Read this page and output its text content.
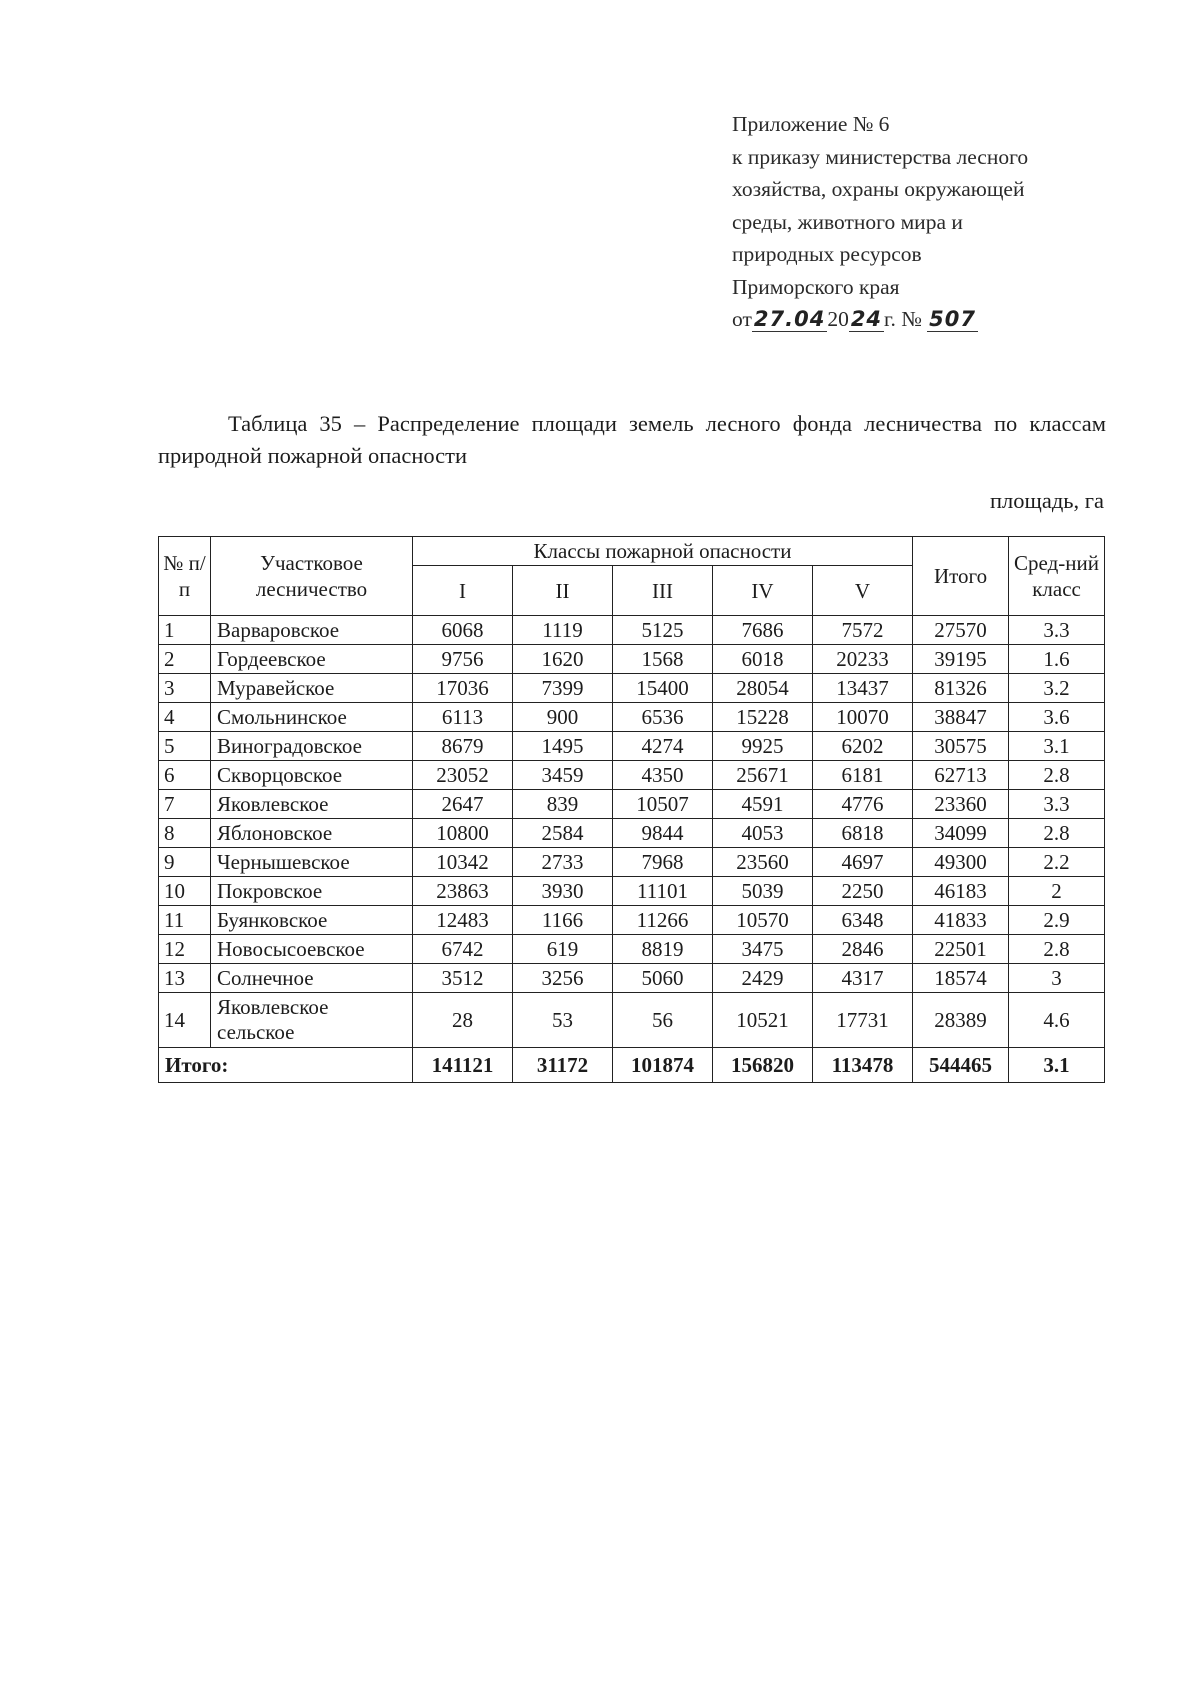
Приложение № 6
к приказу министерства лесного
хозяйства, охраны окружающей
среды, животного мира и
природных ресурсов
Приморского края
от27.042024г. № 507
Таблица 35 – Распределение площади земель лесного фонда лесничества по классам природной пожарной опасности
площадь, га
№ п/п	Участковое лесничество	Классы пожарной опасности					Итого	Сред-ний класс
		I	II	III	IV	V		
1	Варваровское	6068	1119	5125	7686	7572	27570	3.3
2	Гордеевское	9756	1620	1568	6018	20233	39195	1.6
3	Муравейское	17036	7399	15400	28054	13437	81326	3.2
4	Смольнинское	6113	900	6536	15228	10070	38847	3.6
5	Виноградовское	8679	1495	4274	9925	6202	30575	3.1
6	Скворцовское	23052	3459	4350	25671	6181	62713	2.8
7	Яковлевское	2647	839	10507	4591	4776	23360	3.3
8	Яблоновское	10800	2584	9844	4053	6818	34099	2.8
9	Чернышевское	10342	2733	7968	23560	4697	49300	2.2
10	Покровское	23863	3930	11101	5039	2250	46183	2
11	Буянковское	12483	1166	11266	10570	6348	41833	2.9
12	Новосысоевское	6742	619	8819	3475	2846	22501	2.8
13	Солнечное	3512	3256	5060	2429	4317	18574	3
14	Яковлевское
сельское	28	53	56	10521	17731	28389	4.6
Итого:		141121	31172	101874	156820	113478	544465	3.1
